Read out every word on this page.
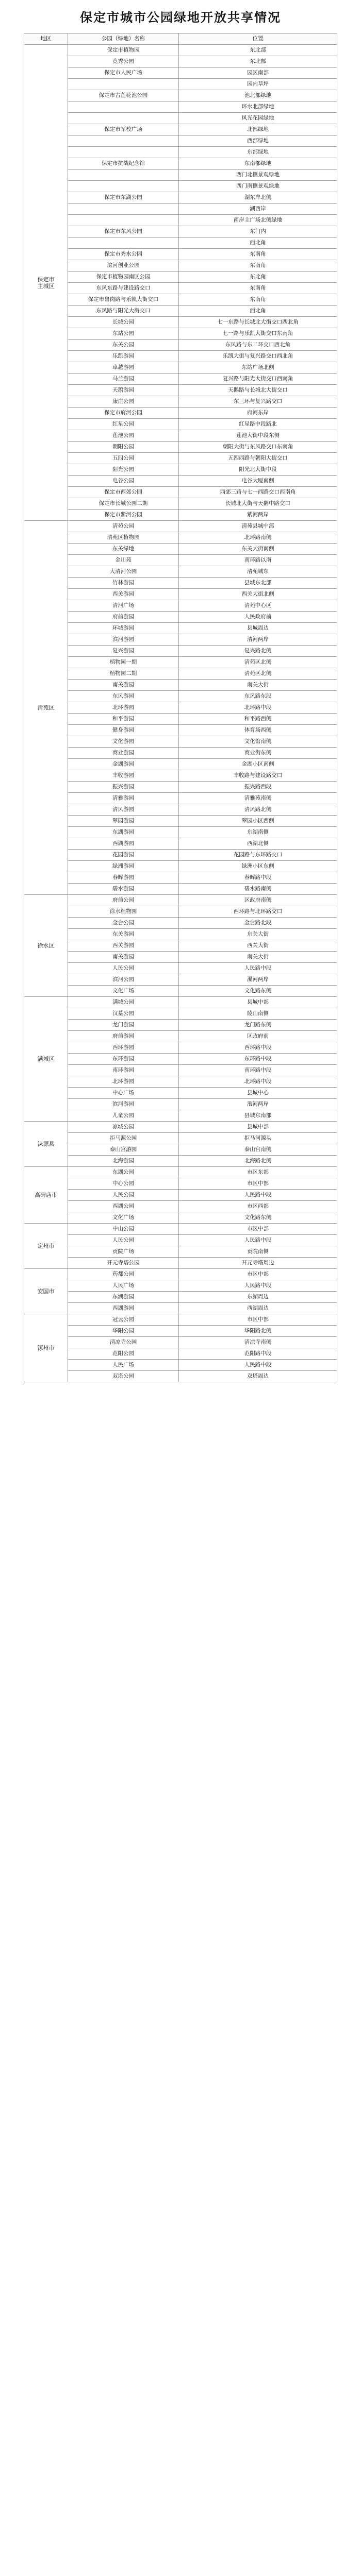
保定市城市公园绿地开放共享情况
地区	公园（绿地）名称	位置
保定市
主城区	保定市植物园	东北部
	竞秀公园	东北部
	保定市人民广场	园区南部
		园内草坪
	保定市古莲花池公园	池北部绿地
		环水北部绿地
		风光花园绿地
	保定市军校广场	北部绿地
		西部绿地
		东部绿地
	保定市抗战纪念馆	东南部绿地
		西门北侧景观绿地
		西门南侧景观绿地
	保定市东湖公园	湖东岸北侧
		湖西岸
		南岸主广场北侧绿地
	保定市东风公园	东门内
		西北角
	保定市秀水公园	东南角
	滨河创业公园	东南角
	保定市植物园南区公园	东北角
	东风东路与建设路交口	东南角
	保定市鲁岗路与乐凯大街交口	东南角
	东风路与阳光大街交口	西北角
	长城公园	七一东路与长城北大街交口西北角
	东站公园	七一路与乐凯大街交口东南角
	东关公园	东风路与东二环交口西北角
	乐凯游园	乐凯大街与复兴路交口西北角
	卓越游园	东站广场北侧
	马兰游园	复兴路与阳光大街交口西南角
	天鹅游园	天鹅路与长城北大街交口
	康庄公园	东三环与复兴路交口
	保定市府河公园	府河东岸
	红星公园	红星路中段路北
	莲池公园	莲池大街中段东侧
	朝阳公园	朝阳大街与东风路交口东南角
	五四公园	五四西路与朝阳大街交口
	阳光公园	阳光北大街中段
	电谷公园	电谷大厦南侧
	保定市西郊公园	西郊三路与七一西路交口西南角
	保定市长城公园二期	长城北大街与天鹅中路交口
	保定市紫河公园	紫河两岸
清苑区	清苑公园	清苑县城中部
	清苑区植物园	北环路南侧
	东关绿地	东关大街南侧
	金川苑	南环路以南
	大清河公园	清苑城东
	竹林游园	县城东北部
	西关游园	西关大街北侧
	清河广场	清苑中心区
	府前游园	人民政府前
	环城游园	县城周边
	滨河游园	清河两岸
	复兴游园	复兴路北侧
	植物园一期	清苑区北侧
	植物园二期	清苑区北侧
	南关游园	南关大街
	东风游园	东风路东段
	北环游园	北环路中段
	和平游园	和平路西侧
	健身游园	体育场西侧
	文化游园	文化馆南侧
	商业游园	商业街东侧
	金湖游园	金湖小区南侧
	丰收游园	丰收路与建设路交口
	振兴游园	振兴路西段
	清雅游园	清雅苑南侧
	清风游园	清风路北侧
	翠园游园	翠园小区西侧
	东湖游园	东湖南侧
	西湖游园	西湖北侧
	花园游园	花园路与东环路交口
	绿洲游园	绿洲小区东侧
	春晖游园	春晖路中段
	碧水游园	碧水路南侧
徐水区	府前公园	区政府南侧
	徐水植物园	西环路与北环路交口
	金台公园	金台路北段
	东关游园	东关大街
	西关游园	西关大街
	南关游园	南关大街
	人民公园	人民路中段
	滨河公园	瀑河两岸
	文化广场	文化路东侧
满城区	满城公园	县城中部
	汉墓公园	陵山南侧
	龙门游园	龙门路东侧
	府前游园	区政府前
	西环游园	西环路中段
	东环游园	东环路中段
	南环游园	南环路中段
	北环游园	北环路中段
	中心广场	县城中心
	滨河游园	漕河两岸
	儿童公园	县城东南部
涞源县	凉城公园	县城中部
	拒马源公园	拒马河源头
	泰山宫游园	泰山宫南侧
	北海游园	北海路北侧
高碑店市	东湖公园	市区东部
	中心公园	市区中部
	人民公园	人民路中段
	西湖公园	市区西部
	文化广场	文化路东侧
定州市	中山公园	市区中部
	人民公园	人民路中段
	贡院广场	贡院南侧
	开元寺塔公园	开元寺塔周边
安国市	药都公园	市区中部
	人民广场	人民路中段
	东湖游园	东湖周边
	西湖游园	西湖周边
涿州市	冠云公园	市区中部
	华阳公园	华阳路北侧
	清凉寺公园	清凉寺南侧
	范阳公园	范阳路中段
	人民广场	人民路中段
	双塔公园	双塔周边
